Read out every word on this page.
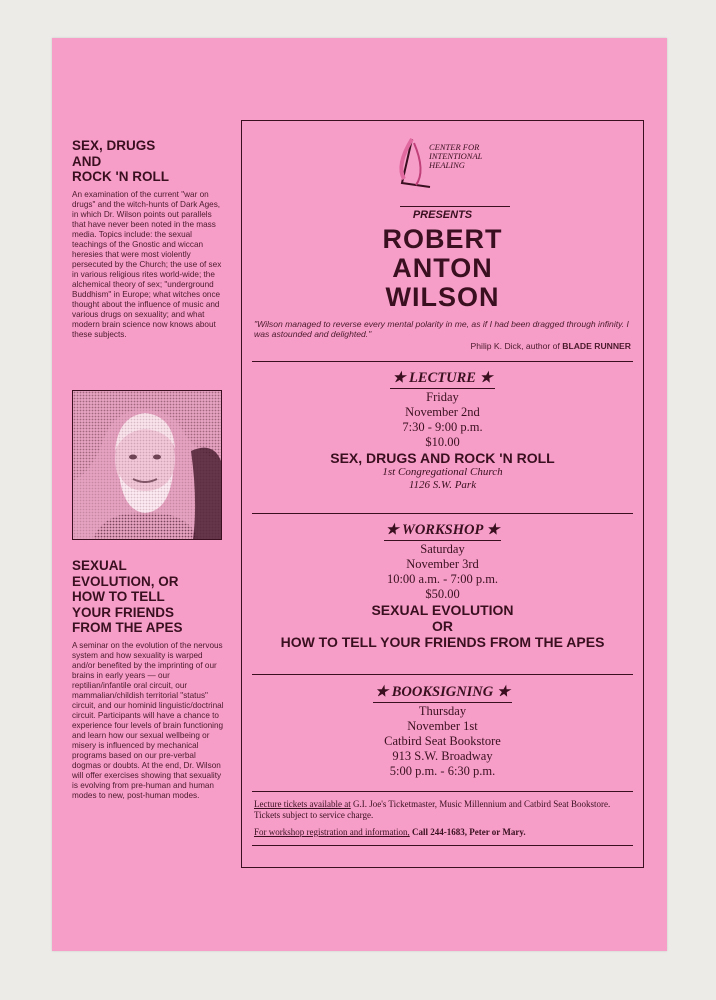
SEX, DRUGS
AND
ROCK 'N ROLL

An examination of the current "war on drugs" and the witch-hunts of Dark Ages, in which Dr. Wilson points out parallels that have never been noted in the mass media. Topics include: the sexual teachings of the Gnostic and wiccan heresies that were most violently persecuted by the Church; the use of sex in various religious rites world-wide; the alchemical theory of sex; "underground Buddhism" in Europe; what witches once thought about the influence of music and various drugs on sexuality; and what modern brain science now knows about these subjects.

SEXUAL
EVOLUTION, OR
HOW TO TELL
YOUR FRIENDS
FROM THE APES

A seminar on the evolution of the nervous system and how sexuality is warped and/or benefited by the imprinting of our brains in early years — our reptilian/infantile oral circuit, our mammalian/childish territorial "status" circuit, and our hominid linguistic/doctrinal circuit. Participants will have a chance to experience four levels of brain functioning and learn how our sexual wellbeing or misery is influenced by mechanical programs based on our pre-verbal dogmas or doubts. At the end, Dr. Wilson will offer exercises showing that sexuality is evolving from pre-human and human modes to new, post-human modes.

CENTER FOR
INTENTIONAL
HEALING
PRESENTS
ROBERT
ANTON
WILSON
"Wilson managed to reverse every mental polarity in me, as if I had been dragged through infinity. I was astounded and delighted."
Philip K. Dick, author of BLADE RUNNER
★ LECTURE ★
Friday
November 2nd
7:30 - 9:00 p.m.
$10.00
SEX, DRUGS AND ROCK 'N ROLL
1st Congregational Church
1126 S.W. Park
★ WORKSHOP ★
Saturday
November 3rd
10:00 a.m. - 7:00 p.m.
$50.00
SEXUAL EVOLUTION
OR
HOW TO TELL YOUR FRIENDS FROM THE APES
★ BOOKSIGNING ★
Thursday
November 1st
Catbird Seat Bookstore
913 S.W. Broadway
5:00 p.m. - 6:30 p.m.
Lecture tickets available at G.I. Joe's Ticketmaster, Music Millennium and Catbird Seat Bookstore. Tickets subject to service charge.
For workshop registration and information, Call 244-1683, Peter or Mary.
